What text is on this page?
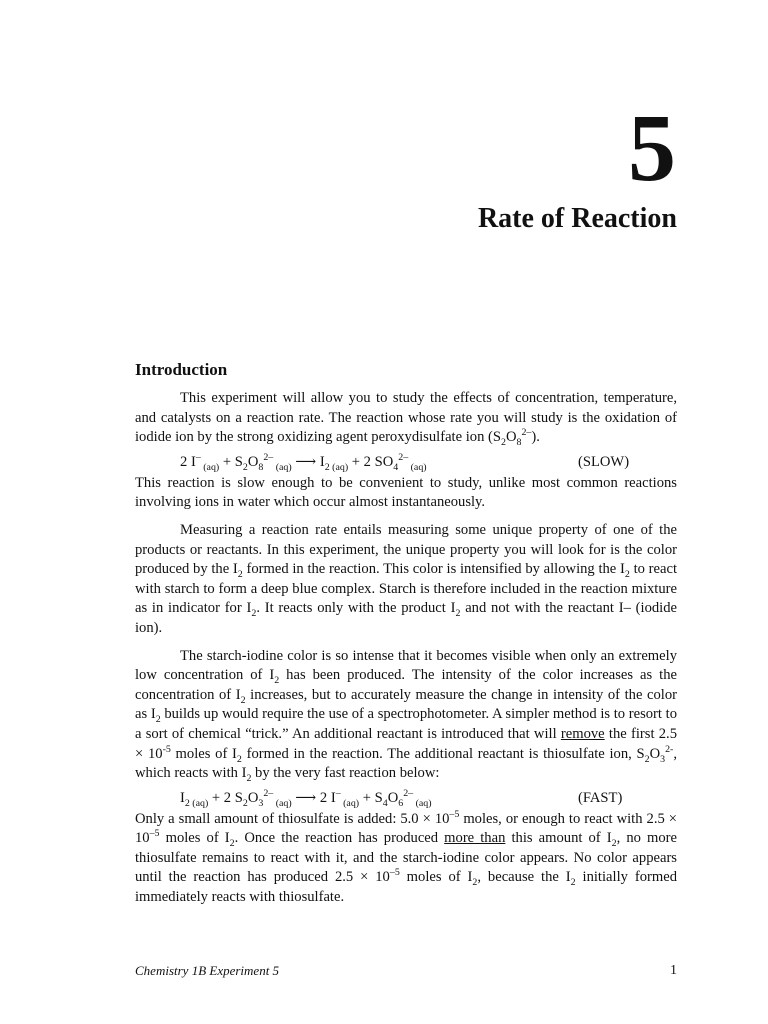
5
Rate of Reaction
Introduction

This experiment will allow you to study the effects of concentration, temperature, and catalysts on a reaction rate. The reaction whose rate you will study is the oxidation of iodide ion by the strong oxidizing agent peroxydisulfate ion $(S_2O_8^{2-})$.

2 I– $_{(aq)} + S_2O_8^{2-}$ $_{(aq)}$ ⟶ $I_{2 (aq)} + 2$ $SO_4^{2-}$ $_{(aq)}$	(SLOW)

This reaction is slow enough to be convenient to study, unlike most common reactions involving ions in water which occur almost instantaneously.

Measuring a reaction rate entails measuring some unique property of one of the products or reactants. In this experiment, the unique property you will look for is the color produced by the $I_2$ formed in the reaction. This color is intensified by allowing the $I_2$ to react with starch to form a deep blue complex. Starch is therefore included in the reaction mixture as in indicator for $I_2$. It reacts only with the product $I_2$ and not with the reactant I– (iodide ion).

The starch-iodine color is so intense that it becomes visible when only an extremely low concentration of $I_2$ has been produced. The intensity of the color increases as the concentration of $I_2$ increases, but to accurately measure the change in intensity of the color as $I_2$ builds up would require the use of a spectrophotometer. A simpler method is to resort to a sort of chemical “trick.” An additional reactant is introduced that will remove the first $2.5 \times 10^{-5}$ moles of $I_2$ formed in the reaction. The additional reactant is thiosulfate ion, $S_2O_3^{2-}$, which reacts with $I_2$ by the very fast reaction below:

$I_{2 (aq)} + 2$ $S_2O_3^{2-}$ $_{(aq)}$ ⟶ 2 I– $_{(aq)} + S_4O_6^{2-}$ $_{(aq)}$	(FAST)

Only a small amount of thiosulfate is added: $5.0 \times 10^{-5}$ moles, or enough to react with $2.5 \times 10^{-5}$ moles of $I_2$. Once the reaction has produced more than this amount of $I_2$, no more thiosulfate remains to react with it, and the starch-iodine color appears. No color appears until the reaction has produced $2.5 \times 10^{-5}$ moles of $I_2$, because the $I_2$ initially formed immediately reacts with thiosulfate.

Chemistry 1B Experiment 5	1
